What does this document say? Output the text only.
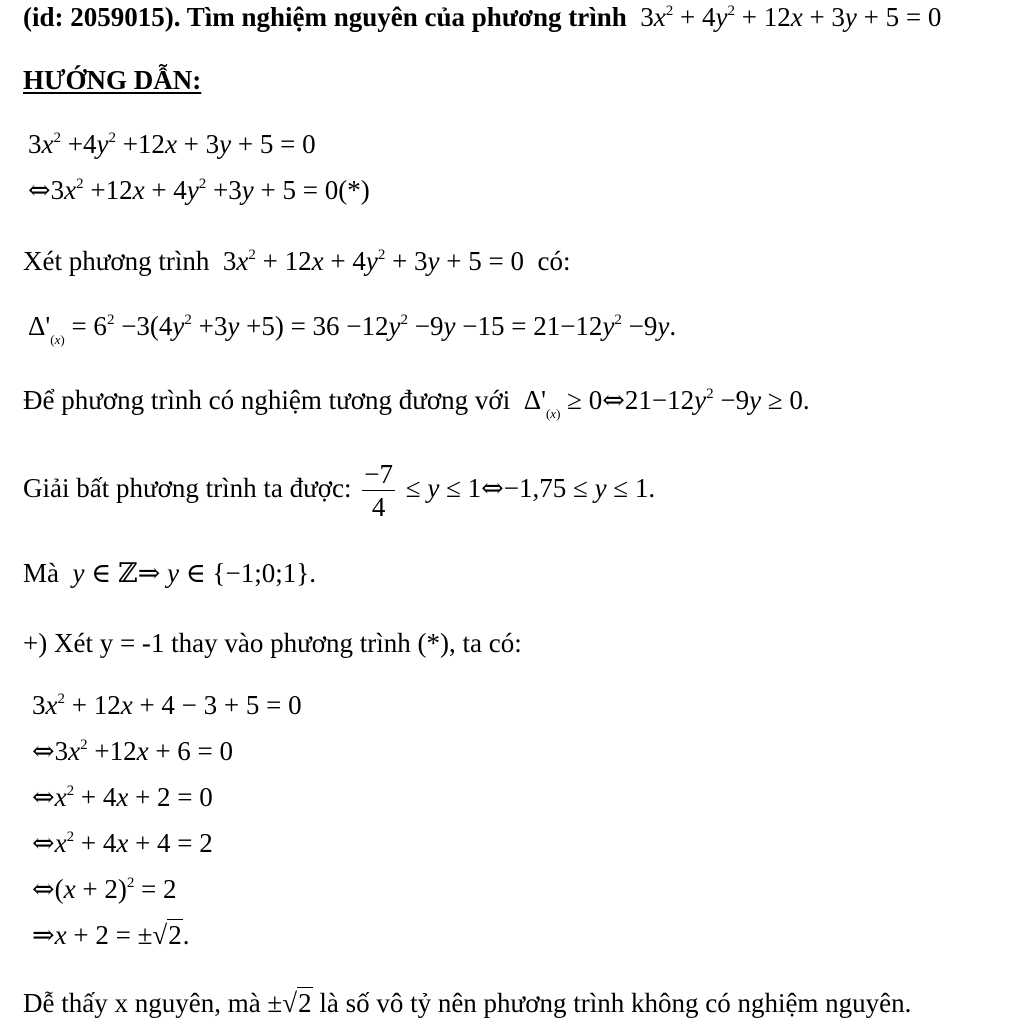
(id: 2059015). Tìm nghiệm nguyên của phương trình  $3x^2 + 4y^2 + 12x + 3y + 5 = 0$
HƯỚNG DẪN:
$3x^2 +4y^2 +12x + 3y + 5 = 0$
$\Leftrightarrow 3x^2 +12x + 4y^2 +3y + 5 = 0(*)$
Xét phương trình  $3x^2 + 12x + 4y^2 + 3y + 5 = 0$  có:
$\Delta'_{(x)} = 6^2 -3(4y^2 +3y +5) = 36 -12y^2 -9y -15 = 21-12y^2 -9y$.
Để phương trình có nghiệm tương đương với  $\Delta'_{(x)}$ ≥ $0\Leftrightarrow 21-12y^2 -9y \ge 0$.
Giải bất phương trình ta được: $\frac{-7}{4} \le y$ ≤ 1⇔−1,75 ≤ y ≤ 1.
Mà y ∈ ℤ⇒ y ∈ {−1;0;1}.
+) Xét y = -1 thay vào phương trình (*), ta có:
$3x^2 + 12x + 4 - 3 + 5 = 0$
$\Leftrightarrow 3x^2 +12x + 6 = 0$
$\Leftrightarrow x^2 + 4x + 2 = 0$
$\Leftrightarrow x^2 + 4x + 4 = 2$
⇔(x + 2)$^2$ = 2
⇒x + 2 = ±√2.
Dễ thấy x nguyên, mà ±√2 là số vô tỷ nên phương trình không có nghiệm nguyên.
